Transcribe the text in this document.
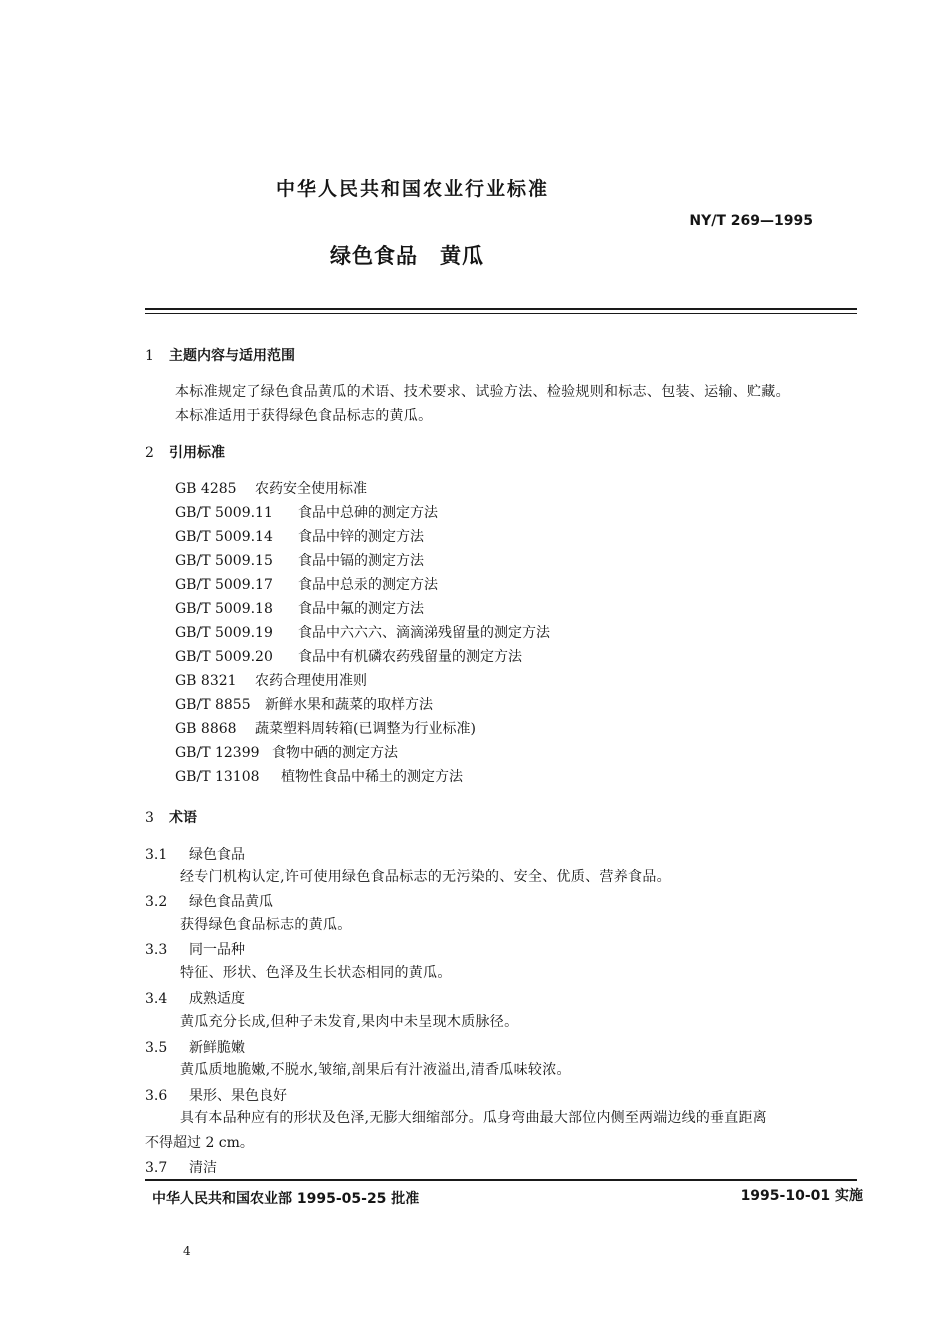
中华人民共和国农业行业标准
NY/T 269—1995
绿色食品　黄瓜
1 主题内容与适用范围
本标准规定了绿色食品黄瓜的术语、技术要求、试验方法、检验规则和标志、包装、运输、贮藏。
本标准适用于获得绿色食品标志的黄瓜。
2 引用标准
GB 4285 农药安全使用标准
GB/T 5009.11 食品中总砷的测定方法
GB/T 5009.14 食品中锌的测定方法
GB/T 5009.15 食品中镉的测定方法
GB/T 5009.17 食品中总汞的测定方法
GB/T 5009.18 食品中氟的测定方法
GB/T 5009.19 食品中六六六、滴滴涕残留量的测定方法
GB/T 5009.20 食品中有机磷农药残留量的测定方法
GB 8321 农药合理使用准则
GB/T 8855 新鲜水果和蔬菜的取样方法
GB 8868 蔬菜塑料周转箱(已调整为行业标准)
GB/T 12399 食物中硒的测定方法
GB/T 13108 植物性食品中稀土的测定方法
3 术语
3.1 绿色食品
经专门机构认定,许可使用绿色食品标志的无污染的、安全、优质、营养食品。
3.2 绿色食品黄瓜
获得绿色食品标志的黄瓜。
3.3 同一品种
特征、形状、色泽及生长状态相同的黄瓜。
3.4 成熟适度
黄瓜充分长成,但种子未发育,果肉中未呈现木质脉径。
3.5 新鲜脆嫩
黄瓜质地脆嫩,不脱水,皱缩,剖果后有汁液溢出,清香瓜味较浓。
3.6 果形、果色良好
具有本品种应有的形状及色泽,无膨大细缩部分。瓜身弯曲最大部位内侧至两端边线的垂直距离
不得超过 2 cm。
3.7 清洁
中华人民共和国农业部 1995-05-25 批准	1995-10-01 实施
4
